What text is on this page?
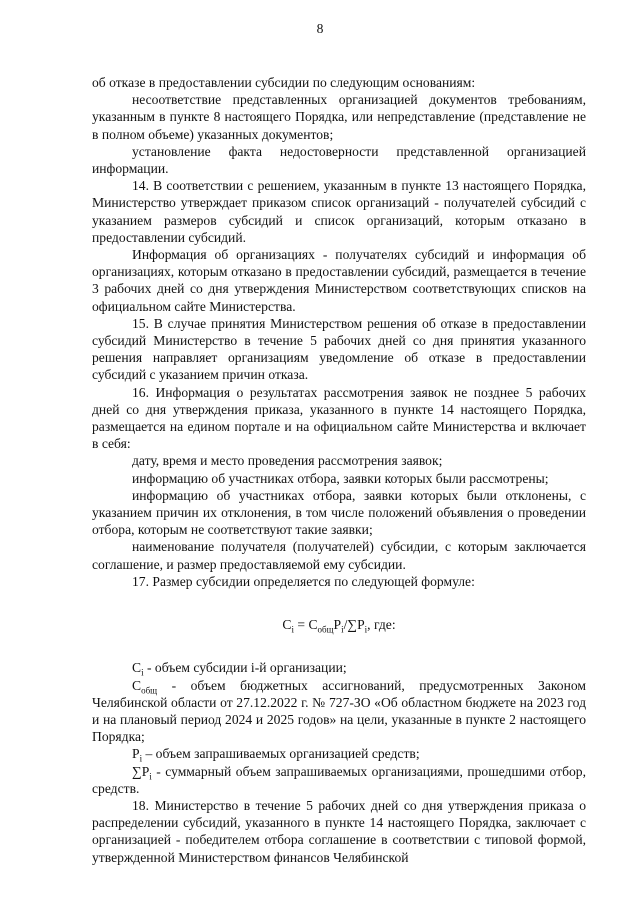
8

об отказе в предоставлении субсидии по следующим основаниям:

несоответствие представленных организацией документов требованиям, указанным в пункте 8 настоящего Порядка, или непредставление (представление не в полном объеме) указанных документов;

установление факта недостоверности представленной организацией информации.

14. В соответствии с решением, указанным в пункте 13 настоящего Порядка, Министерство утверждает приказом список организаций - получателей субсидий с указанием размеров субсидий и список организаций, которым отказано в предоставлении субсидий.

Информация об организациях - получателях субсидий и информация об организациях, которым отказано в предоставлении субсидий, размещается в течение 3 рабочих дней со дня утверждения Министерством соответствующих списков на официальном сайте Министерства.

15. В случае принятия Министерством решения об отказе в предоставлении субсидий Министерство в течение 5 рабочих дней со дня принятия указанного решения направляет организациям уведомление об отказе в предоставлении субсидий с указанием причин отказа.

16. Информация о результатах рассмотрения заявок не позднее 5 рабочих дней со дня утверждения приказа, указанного в пункте 14 настоящего Порядка, размещается на едином портале и на официальном сайте Министерства и включает в себя:

дату, время и место проведения рассмотрения заявок;

информацию об участниках отбора, заявки которых были рассмотрены;

информацию об участниках отбора, заявки которых были отклонены, с указанием причин их отклонения, в том числе положений объявления о проведении отбора, которым не соответствуют такие заявки;

наименование получателя (получателей) субсидии, с которым заключается соглашение, и размер предоставляемой ему субсидии.

17. Размер субсидии определяется по следующей формуле:

$C_i = C_{общ}P_i/\sum P_i$, где:

$C_i$ - объем субсидии i-й организации;

$C_{общ}$ - объем бюджетных ассигнований, предусмотренных Законом Челябинской области от 27.12.2022 г. № 727-ЗО «Об областном бюджете на 2023 год и на плановый период 2024 и 2025 годов» на цели, указанные в пункте 2 настоящего Порядка;

$P_i$ – объем запрашиваемых организацией средств;

$\sum P_i$ - суммарный объем запрашиваемых организациями, прошедшими отбор, средств.

18. Министерство в течение 5 рабочих дней со дня утверждения приказа о распределении субсидий, указанного в пункте 14 настоящего Порядка, заключает с организацией - победителем отбора соглашение в соответствии с типовой формой, утвержденной Министерством финансов Челябинской
